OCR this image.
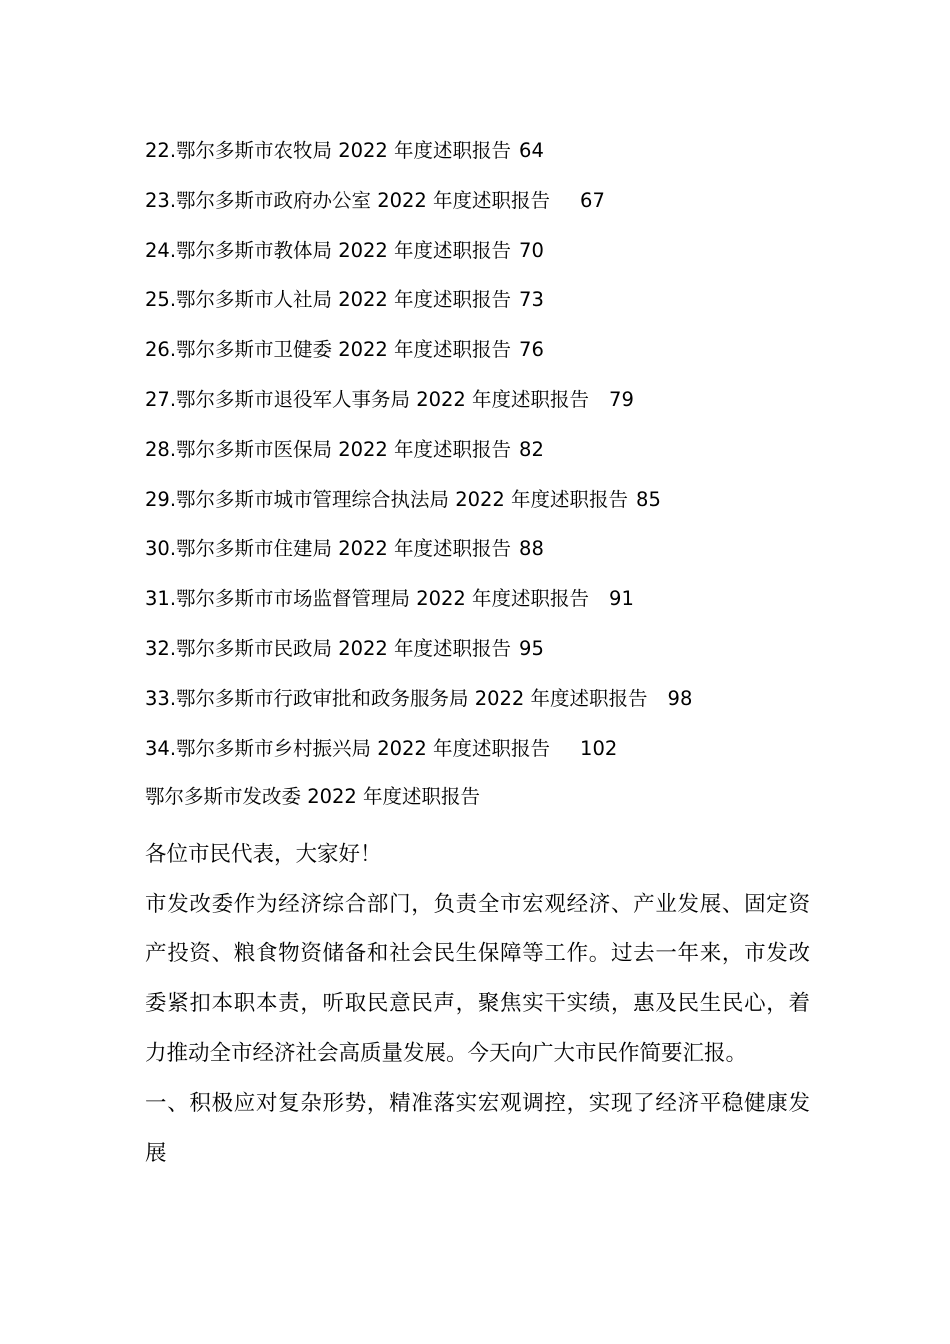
22.鄂尔多斯市农牧局 2022 年度述职报告 64
23.鄂尔多斯市政府办公室 2022 年度述职报告 67
24.鄂尔多斯市教体局 2022 年度述职报告 70
25.鄂尔多斯市人社局 2022 年度述职报告 73
26.鄂尔多斯市卫健委 2022 年度述职报告 76
27.鄂尔多斯市退役军人事务局 2022 年度述职报告 79
28.鄂尔多斯市医保局 2022 年度述职报告 82
29.鄂尔多斯市城市管理综合执法局 2022 年度述职报告 85
30.鄂尔多斯市住建局 2022 年度述职报告 88
31.鄂尔多斯市市场监督管理局 2022 年度述职报告 91
32.鄂尔多斯市民政局 2022 年度述职报告 95
33.鄂尔多斯市行政审批和政务服务局 2022 年度述职报告 98
34.鄂尔多斯市乡村振兴局 2022 年度述职报告 102
鄂尔多斯市发改委 2022 年度述职报告

各位市民代表，大家好！

市发改委作为经济综合部门，负责全市宏观经济、产业发展、固定资产投资、粮食物资储备和社会民生保障等工作。过去一年来，市发改委紧扣本职本责，听取民意民声，聚焦实干实绩，惠及民生民心，着力推动全市经济社会高质量发展。今天向广大市民作简要汇报。

一、积极应对复杂形势，精准落实宏观调控，实现了经济平稳健康发展
